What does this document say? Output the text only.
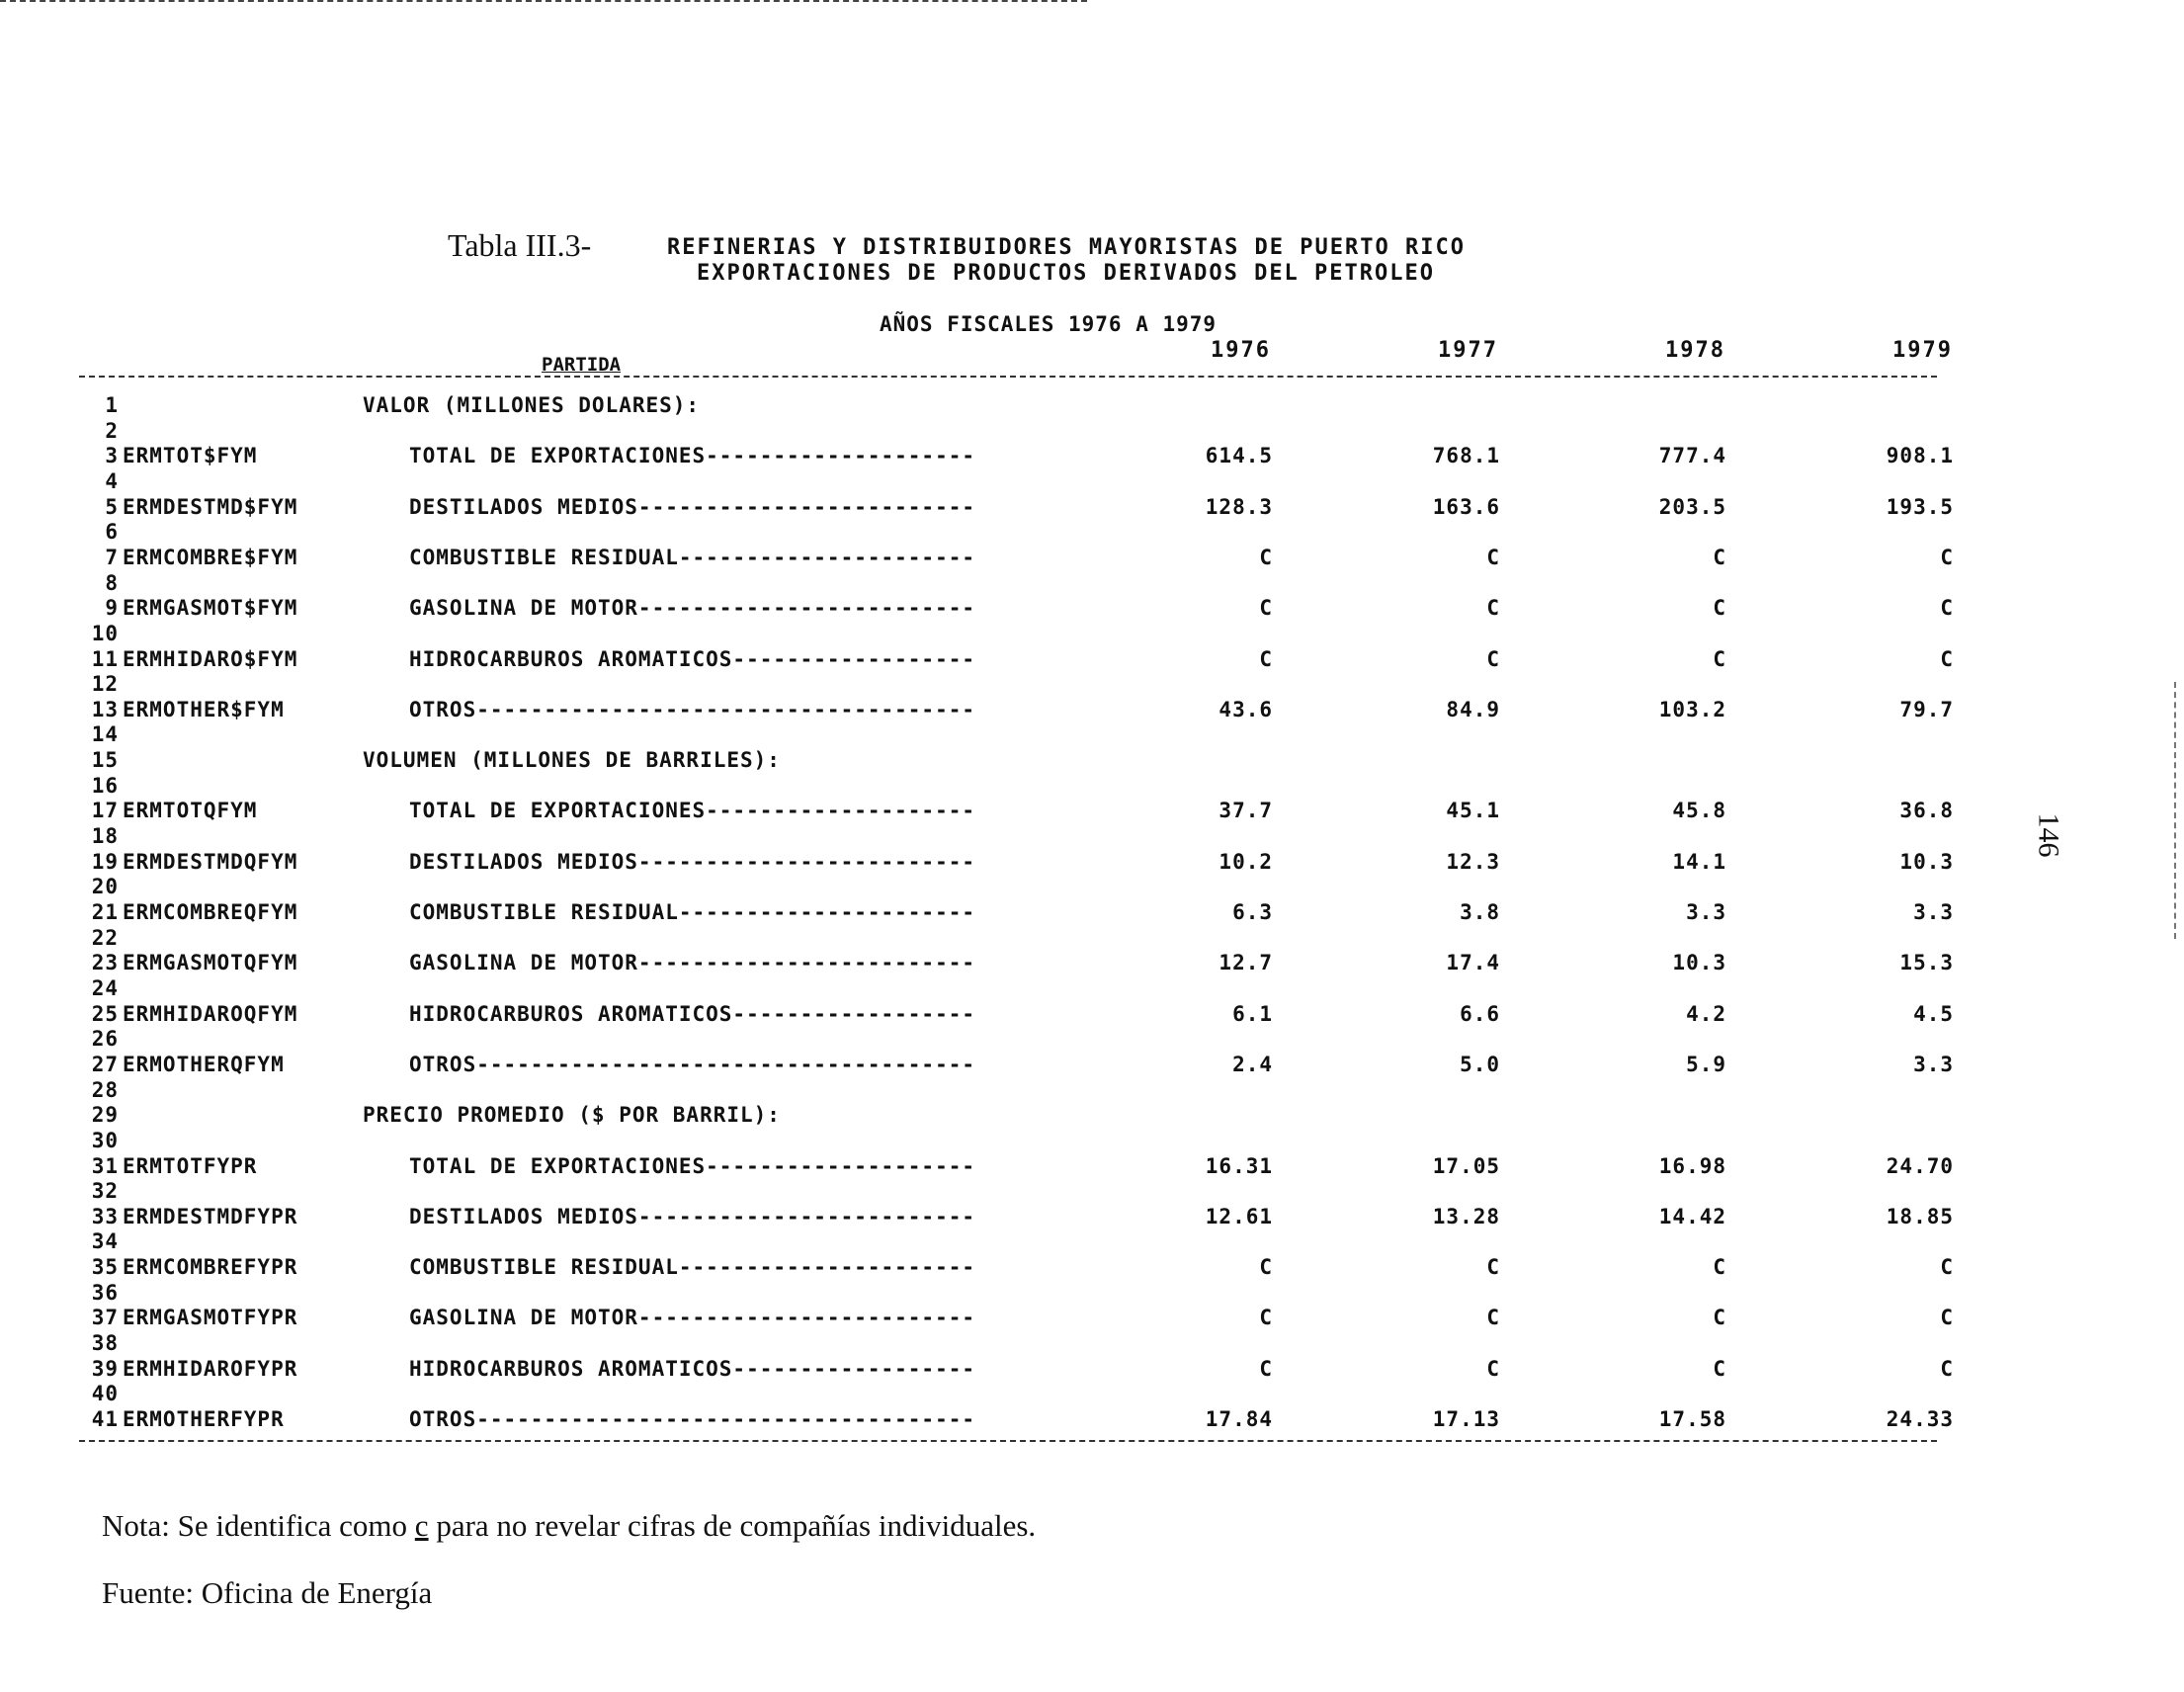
Tabla III.3-	REFINERIAS Y DISTRIBUIDORES MAYORISTAS DE PUERTO RICO
EXPORTACIONES DE PRODUCTOS DERIVADOS DEL PETROLEO
AÑOS FISCALES 1976 A 1979
1976	1977	1978	1979
PARTIDA
1	VALOR (MILLONES DOLARES):
2
3 ERMTOT$FYM	TOTAL DE EXPORTACIONES--------------------	614.5	768.1	777.4	908.1
4
5 ERMDESTMD$FYM	DESTILADOS MEDIOS-------------------------	128.3	163.6	203.5	193.5
6
7 ERMCOMBRE$FYM	COMBUSTIBLE RESIDUAL----------------------	C	C	C	C
8
9 ERMGASMOT$FYM	GASOLINA DE MOTOR-------------------------	C	C	C	C
10
11 ERMHIDARO$FYM	HIDROCARBUROS AROMATICOS------------------	C	C	C	C
12
13 ERMOTHER$FYM	OTROS-------------------------------------	43.6	84.9	103.2	79.7
14
15	VOLUMEN (MILLONES DE BARRILES):
16
17 ERMTOTQFYM	TOTAL DE EXPORTACIONES--------------------	37.7	45.1	45.8	36.8
18
19 ERMDESTMDQFYM	DESTILADOS MEDIOS-------------------------	10.2	12.3	14.1	10.3
20
21 ERMCOMBREQFYM	COMBUSTIBLE RESIDUAL----------------------	6.3	3.8	3.3	3.3
22
23 ERMGASMOTQFYM	GASOLINA DE MOTOR-------------------------	12.7	17.4	10.3	15.3
24
25 ERMHIDAROQFYM	HIDROCARBUROS AROMATICOS------------------	6.1	6.6	4.2	4.5
26
27 ERMOTHERQFYM	OTROS-------------------------------------	2.4	5.0	5.9	3.3
28
29	PRECIO PROMEDIO ($ POR BARRIL):
30
31 ERMTOTFYPR	TOTAL DE EXPORTACIONES--------------------	16.31	17.05	16.98	24.70
32
33 ERMDESTMDFYPR	DESTILADOS MEDIOS-------------------------	12.61	13.28	14.42	18.85
34
35 ERMCOMBREFYPR	COMBUSTIBLE RESIDUAL----------------------	C	C	C	C
36
37 ERMGASMOTFYPR	GASOLINA DE MOTOR-------------------------	C	C	C	C
38
39 ERMHIDAROFYPR	HIDROCARBUROS AROMATICOS------------------	C	C	C	C
40
41 ERMOTHERFYPR	OTROS-------------------------------------	17.84	17.13	17.58	24.33
Nota: Se identifica como c para no revelar cifras de compañías individuales.
Fuente: Oficina de Energía
146
